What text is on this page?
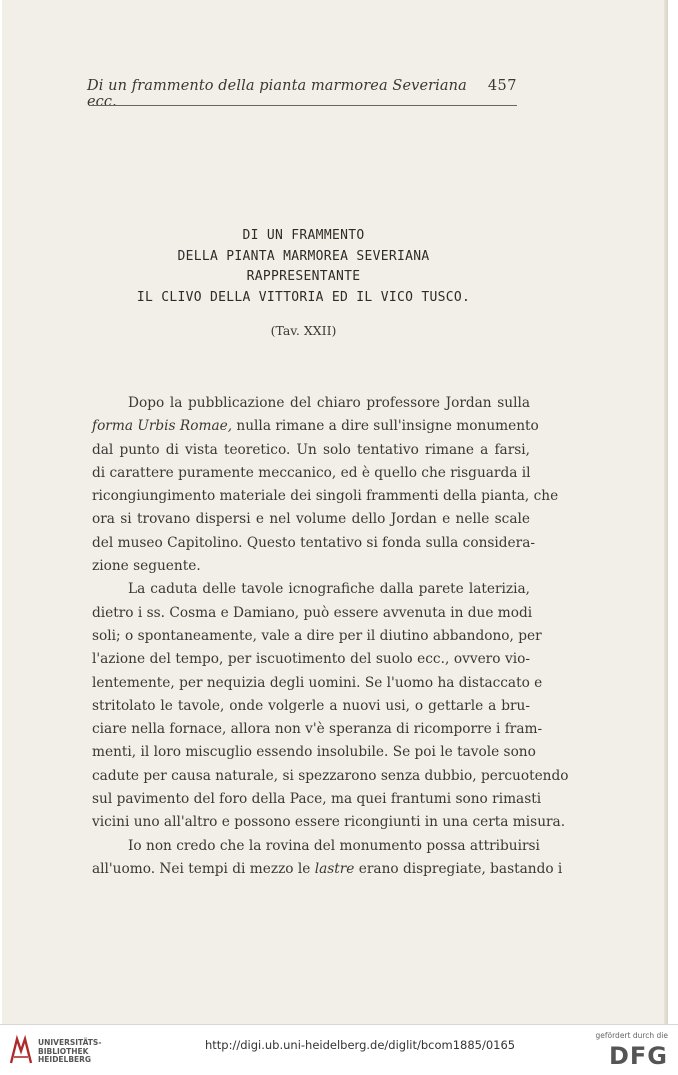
Di un frammento della pianta marmorea Severiana ecc.
457
DI UN FRAMMENTO
DELLA PIANTA MARMOREA SEVERIANA
RAPPRESENTANTE
IL CLIVO DELLA VITTORIA ED IL VICO TUSCO.
(Tav. XXII)
Dopo la pubblicazione del chiaro professore Jordan sulla
forma Urbis Romae, nulla rimane a dire sull'insigne monumento
dal punto di vista teoretico. Un solo tentativo rimane a farsi,
di carattere puramente meccanico, ed è quello che risguarda il
ricongiungimento materiale dei singoli frammenti della pianta, che
ora si trovano dispersi e nel volume dello Jordan e nelle scale
del museo Capitolino. Questo tentativo si fonda sulla considera-
zione seguente.
La caduta delle tavole icnografiche dalla parete laterizia,
dietro i ss. Cosma e Damiano, può essere avvenuta in due modi
soli; o spontaneamente, vale a dire per il diutino abbandono, per
l'azione del tempo, per iscuotimento del suolo ecc., ovvero vio-
lentemente, per nequizia degli uomini. Se l'uomo ha distaccato e
stritolato le tavole, onde volgerle a nuovi usi, o gettarle a bru-
ciare nella fornace, allora non v'è speranza di ricomporre i fram-
menti, il loro miscuglio essendo insolubile. Se poi le tavole sono
cadute per causa naturale, si spezzarono senza dubbio, percuotendo
sul pavimento del foro della Pace, ma quei frantumi sono rimasti
vicini uno all'altro e possono essere ricongiunti in una certa misura.
Io non credo che la rovina del monumento possa attribuirsi
all'uomo. Nei tempi di mezzo le lastre erano dispregiate, bastando i
UNIVERSITÄTS-
BIBLIOTHEK
HEIDELBERG
http://digi.ub.uni-heidelberg.de/diglit/bcom1885/0165
gefördert durch die
DFG
